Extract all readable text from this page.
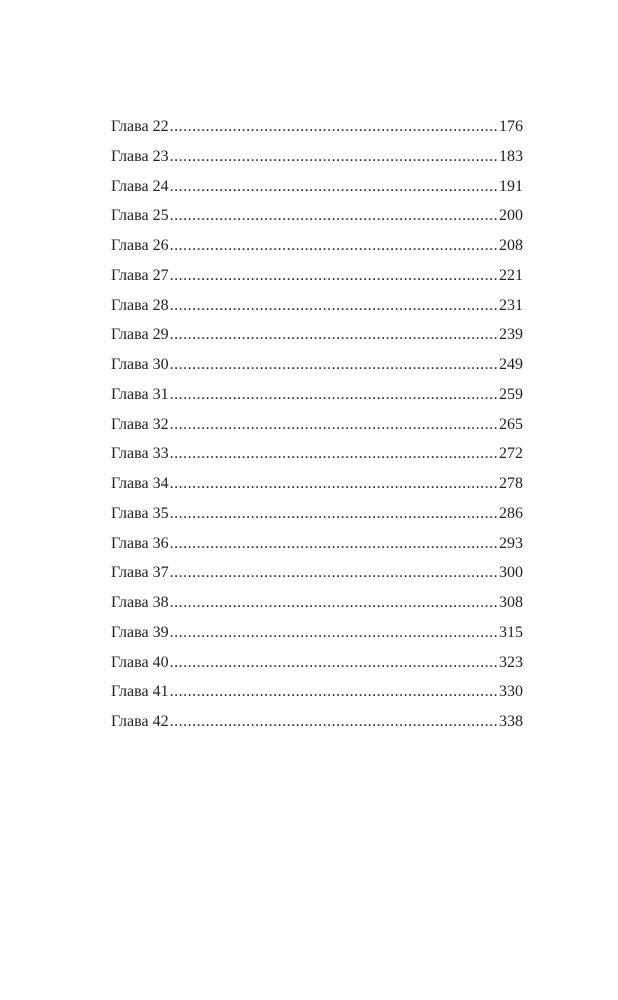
Глава 22 .....	176
Глава 23 .....	183
Глава 24 .....	191
Глава 25 .....	200
Глава 26 .....	208
Глава 27 .....	221
Глава 28 .....	231
Глава 29 .....	239
Глава 30 .....	249
Глава 31 .....	259
Глава 32 .....	265
Глава 33 .....	272
Глава 34 .....	278
Глава 35 .....	286
Глава 36 .....	293
Глава 37 .....	300
Глава 38 .....	308
Глава 39 .....	315
Глава 40 .....	323
Глава 41 .....	330
Глава 42 .....	338
